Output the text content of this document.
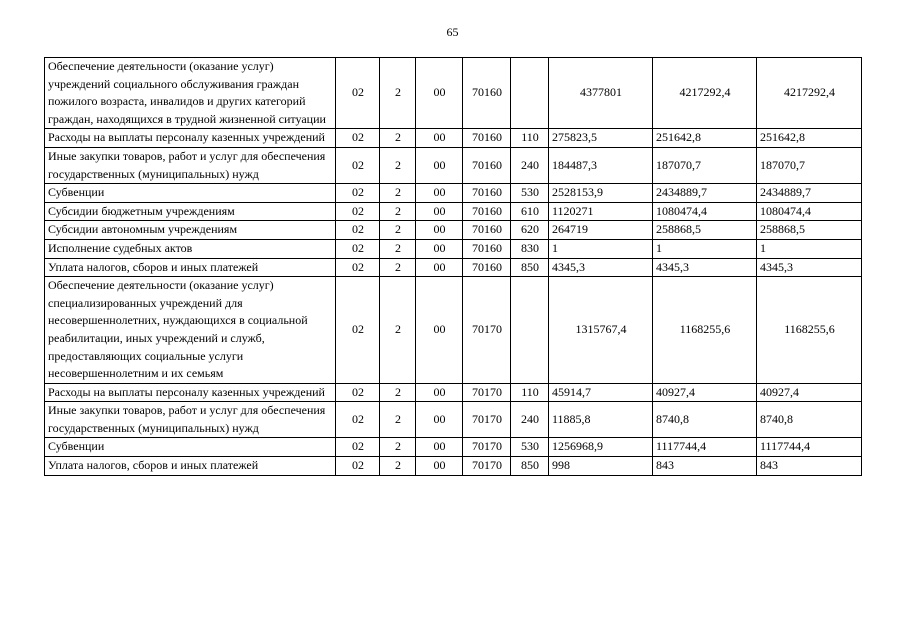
65
Обеспечение деятельности (оказание услуг) учреждений социального обслуживания граждан пожилого возраста, инвалидов и других категорий граждан, находящихся в трудной жизненной ситуации	02	2	00	70160		4377801	4217292,4	4217292,4
Расходы на выплаты персоналу казенных учреждений	02	2	00	70160	110	275823,5	251642,8	251642,8
Иные закупки товаров, работ и услуг для обеспечения государственных (муниципальных) нужд	02	2	00	70160	240	184487,3	187070,7	187070,7
Субвенции	02	2	00	70160	530	2528153,9	2434889,7	2434889,7
Субсидии бюджетным учреждениям	02	2	00	70160	610	1120271	1080474,4	1080474,4
Субсидии автономным учреждениям	02	2	00	70160	620	264719	258868,5	258868,5
Исполнение судебных актов	02	2	00	70160	830	1	1	1
Уплата налогов, сборов и иных платежей	02	2	00	70160	850	4345,3	4345,3	4345,3
Обеспечение деятельности (оказание услуг) специализированных учреждений для несовершеннолетних, нуждающихся в социальной реабилитации, иных учреждений и служб, предоставляющих социальные услуги несовершеннолетним и их семьям	02	2	00	70170		1315767,4	1168255,6	1168255,6
Расходы на выплаты персоналу казенных учреждений	02	2	00	70170	110	45914,7	40927,4	40927,4
Иные закупки товаров, работ и услуг для обеспечения государственных (муниципальных) нужд	02	2	00	70170	240	11885,8	8740,8	8740,8
Субвенции	02	2	00	70170	530	1256968,9	1117744,4	1117744,4
Уплата налогов, сборов и иных платежей	02	2	00	70170	850	998	843	843
